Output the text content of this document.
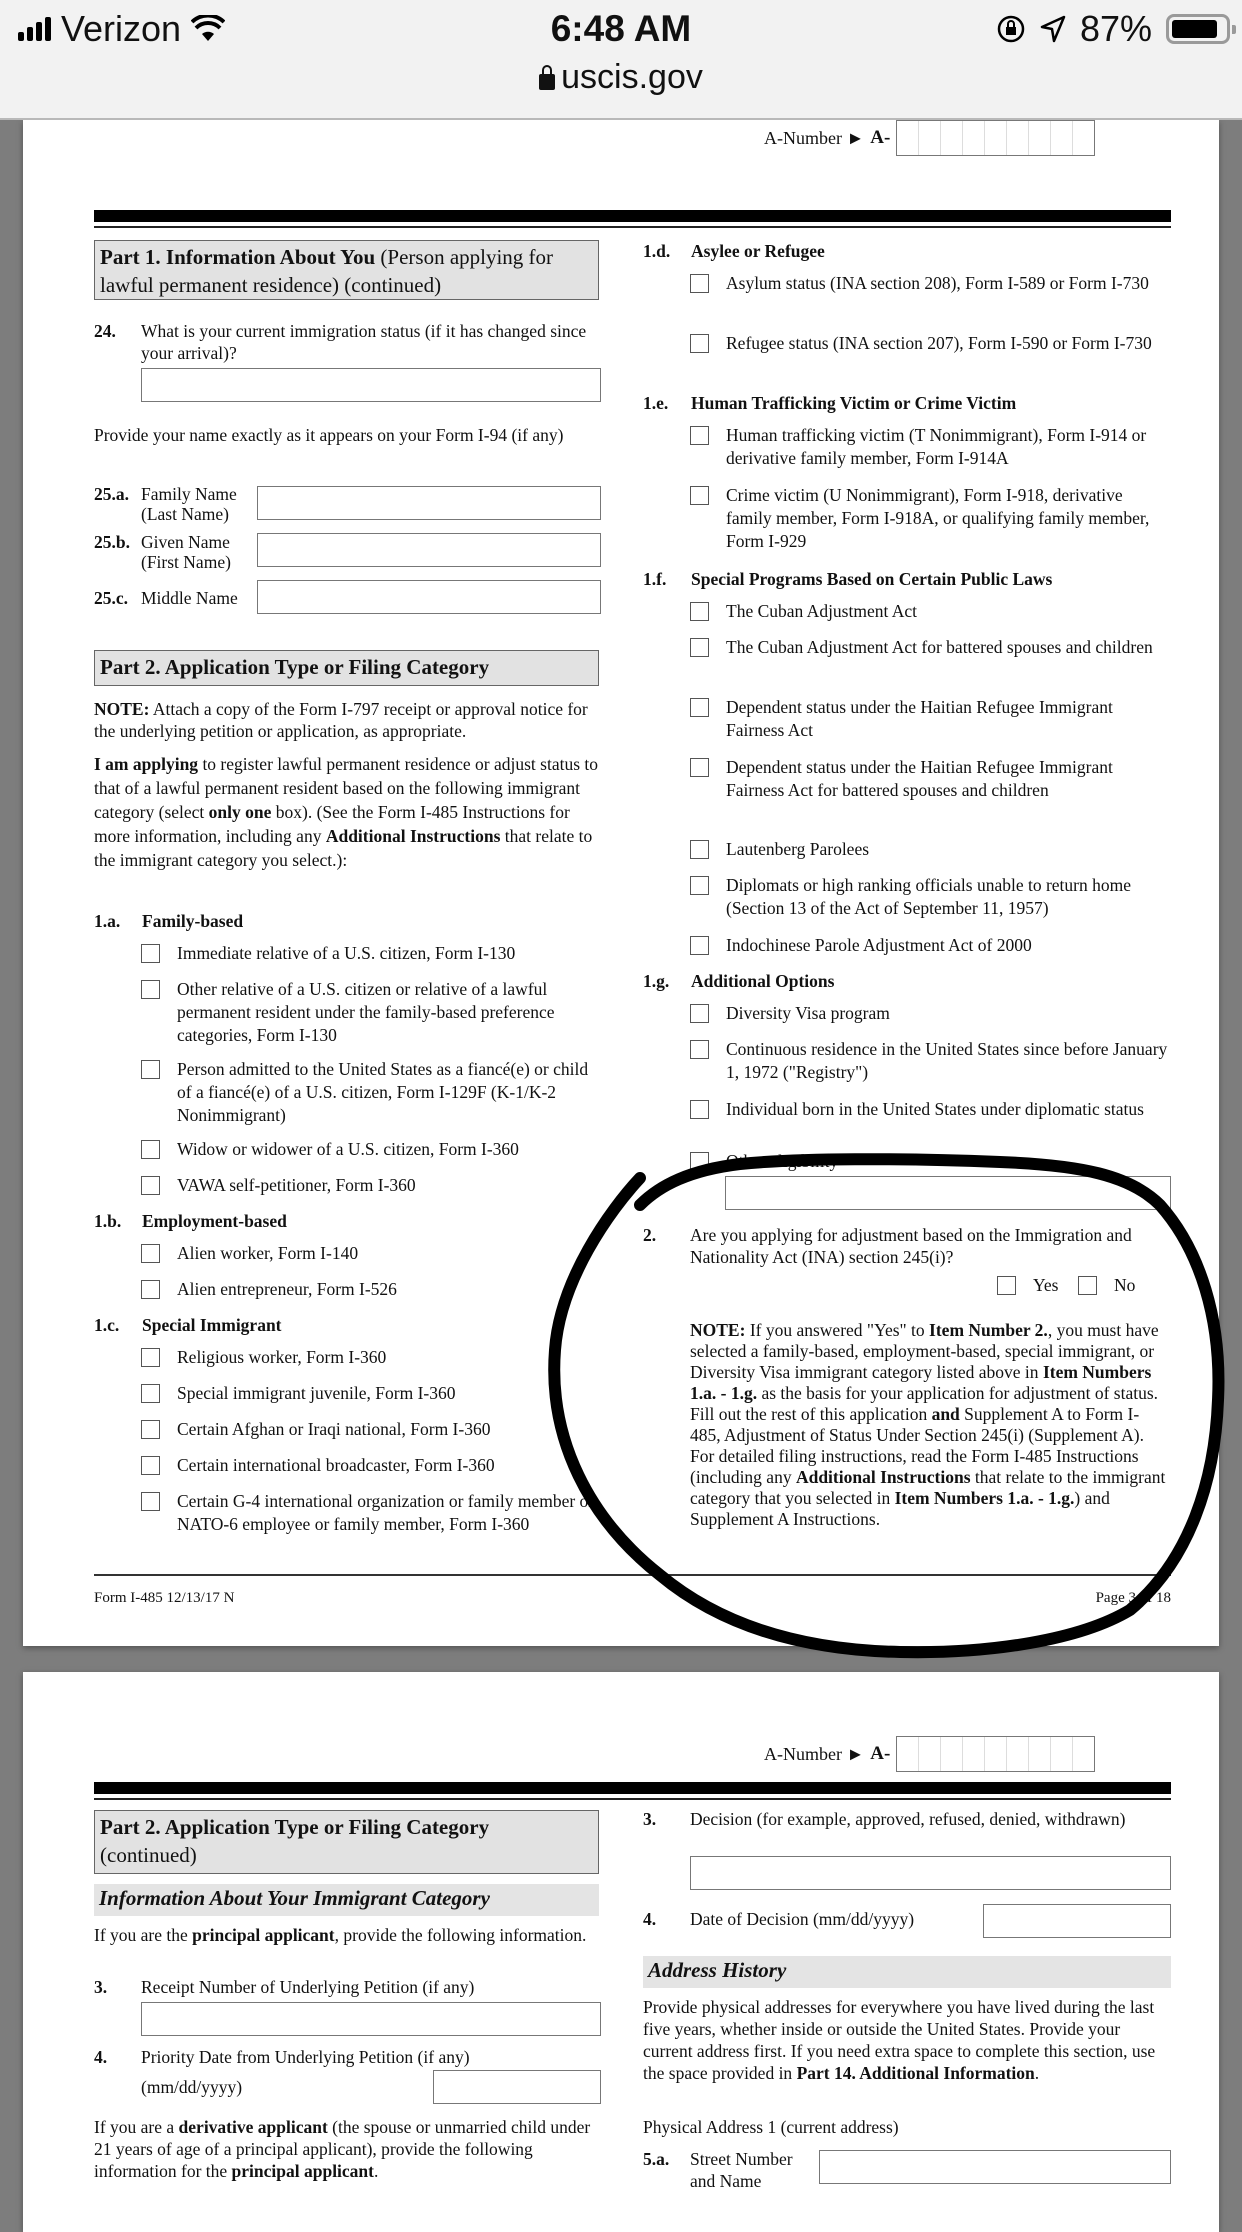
Verizon	6:48 AM
uscis.gov
87%
A-Number ► A-
Part 1. Information About You (Person applying for lawful permanent residence) (continued)
24. What is your current immigration status (if it has changed since your arrival)?
Provide your name exactly as it appears on your Form I-94 (if any)
25.a. Family Name (Last Name)
25.b. Given Name (First Name)
25.c. Middle Name
Part 2. Application Type or Filing Category
NOTE: Attach a copy of the Form I-797 receipt or approval notice for the underlying petition or application, as appropriate.
I am applying to register lawful permanent residence or adjust status to that of a lawful permanent resident based on the following immigrant category (select only one box). (See the Form I-485 Instructions for more information, including any Additional Instructions that relate to the immigrant category you select.):
1.a. Family-based
Immediate relative of a U.S. citizen, Form I-130
Other relative of a U.S. citizen or relative of a lawful permanent resident under the family-based preference categories, Form I-130
Person admitted to the United States as a fiancé(e) or child of a fiancé(e) of a U.S. citizen, Form I-129F (K-1/K-2 Nonimmigrant)
Widow or widower of a U.S. citizen, Form I-360
VAWA self-petitioner, Form I-360
1.b. Employment-based
Alien worker, Form I-140
Alien entrepreneur, Form I-526
1.c. Special Immigrant
Religious worker, Form I-360
Special immigrant juvenile, Form I-360
Certain Afghan or Iraqi national, Form I-360
Certain international broadcaster, Form I-360
Certain G-4 international organization or family member or NATO-6 employee or family member, Form I-360
1.d. Asylee or Refugee
Asylum status (INA section 208), Form I-589 or Form I-730
Refugee status (INA section 207), Form I-590 or Form I-730
1.e. Human Trafficking Victim or Crime Victim
Human trafficking victim (T Nonimmigrant), Form I-914 or derivative family member, Form I-914A
Crime victim (U Nonimmigrant), Form I-918, derivative family member, Form I-918A, or qualifying family member, Form I-929
1.f. Special Programs Based on Certain Public Laws
The Cuban Adjustment Act
The Cuban Adjustment Act for battered spouses and children
Dependent status under the Haitian Refugee Immigrant Fairness Act
Dependent status under the Haitian Refugee Immigrant Fairness Act for battered spouses and children
Lautenberg Parolees
Diplomats or high ranking officials unable to return home (Section 13 of the Act of September 11, 1957)
Indochinese Parole Adjustment Act of 2000
1.g. Additional Options
Diversity Visa program
Continuous residence in the United States since before January 1, 1972 ("Registry")
Individual born in the United States under diplomatic status
Other eligibility
2. Are you applying for adjustment based on the Immigration and Nationality Act (INA) section 245(i)?
Yes	No
NOTE: If you answered "Yes" to Item Number 2., you must have selected a family-based, employment-based, special immigrant, or Diversity Visa immigrant category listed above in Item Numbers 1.a. - 1.g. as the basis for your application for adjustment of status. Fill out the rest of this application and Supplement A to Form I-485, Adjustment of Status Under Section 245(i) (Supplement A). For detailed filing instructions, read the Form I-485 Instructions (including any Additional Instructions that relate to the immigrant category that you selected in Item Numbers 1.a. - 1.g.) and Supplement A Instructions.
Form I-485 12/13/17 N	Page 3 of 18
A-Number ► A-
Part 2. Application Type or Filing Category
(continued)
Information About Your Immigrant Category
If you are the principal applicant, provide the following information.
3. Receipt Number of Underlying Petition (if any)
4. Priority Date from Underlying Petition (if any)
(mm/dd/yyyy)
If you are a derivative applicant (the spouse or unmarried child under 21 years of age of a principal applicant), provide the following information for the principal applicant.
3. Decision (for example, approved, refused, denied, withdrawn)
4. Date of Decision (mm/dd/yyyy)
Address History
Provide physical addresses for everywhere you have lived during the last five years, whether inside or outside the United States. Provide your current address first. If you need extra space to complete this section, use the space provided in Part 14. Additional Information.
Physical Address 1 (current address)
5.a. Street Number and Name
